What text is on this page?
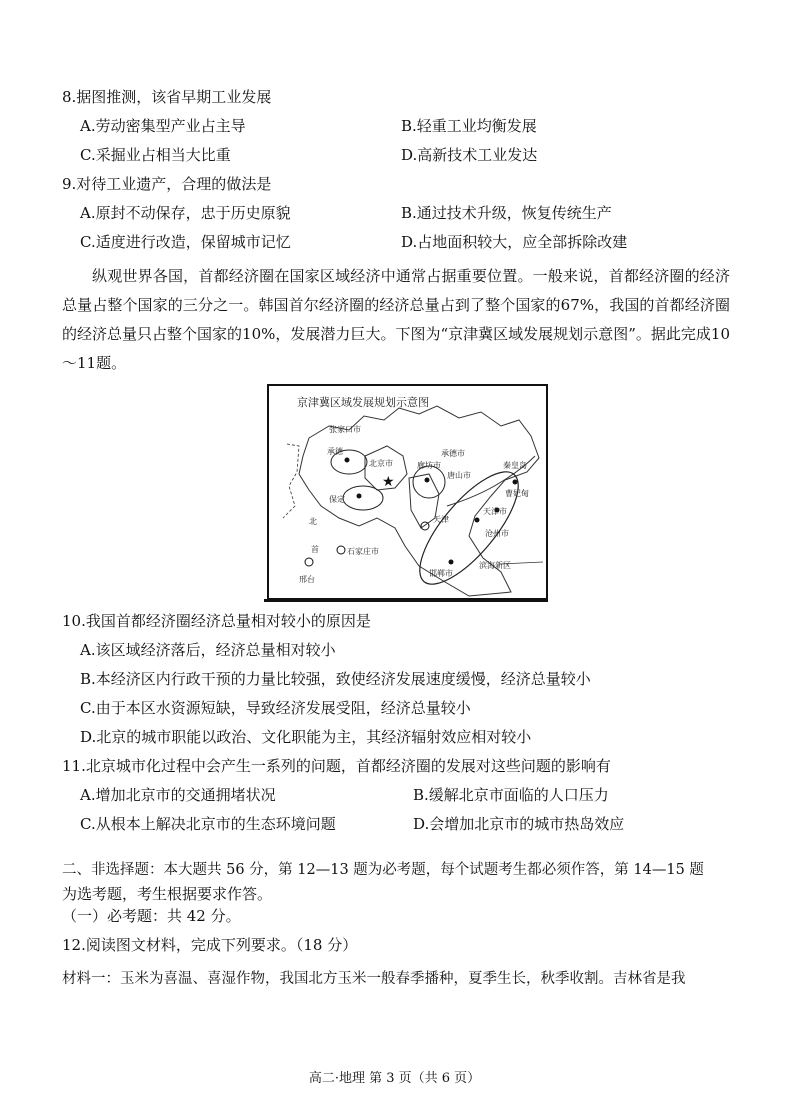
8.据图推测，该省早期工业发展
A.劳动密集型产业占主导	B.轻重工业均衡发展
C.采掘业占相当大比重	D.高新技术工业发达
9.对待工业遗产，合理的做法是
A.原封不动保存，忠于历史原貌	B.通过技术升级，恢复传统生产
C.适度进行改造，保留城市记忆	D.占地面积较大，应全部拆除改建
纵观世界各国，首都经济圈在国家区域经济中通常占据重要位置。一般来说，首都经济圈的经济总量占整个国家的三分之一。韩国首尔经济圈的经济总量占到了整个国家的67%，我国的首都经济圈的经济总量只占整个国家的10%，发展潜力巨大。下图为“京津冀区域发展规划示意图”。据此完成10～11题。
京津冀区域发展规划示意图
★
张家口市
承德
北京市
承德市
唐山市
秦皇岛
保定
廊坊市
天津
天津市
石家庄市
沧州市
邢台
邯郸市
曹妃甸
滨海新区
北
首
10.我国首都经济圈经济总量相对较小的原因是
A.该区域经济落后，经济总量相对较小
B.本经济区内行政干预的力量比较强，致使经济发展速度缓慢，经济总量较小
C.由于本区水资源短缺，导致经济发展受阻，经济总量较小
D.北京的城市职能以政治、文化职能为主，其经济辐射效应相对较小
11.北京城市化过程中会产生一系列的问题，首都经济圈的发展对这些问题的影响有
A.增加北京市的交通拥堵状况	B.缓解北京市面临的人口压力
C.从根本上解决北京市的生态环境问题	D.会增加北京市的城市热岛效应
二、非选择题：本大题共 56 分，第 12—13 题为必考题，每个试题考生都必须作答，第 14—15 题
为选考题，考生根据要求作答。
（一）必考题：共 42 分。
12.阅读图文材料，完成下列要求。（18 分）
材料一：玉米为喜温、喜湿作物，我国北方玉米一般春季播种，夏季生长，秋季收割。吉林省是我
高二·地理 第 3 页（共 6 页）
